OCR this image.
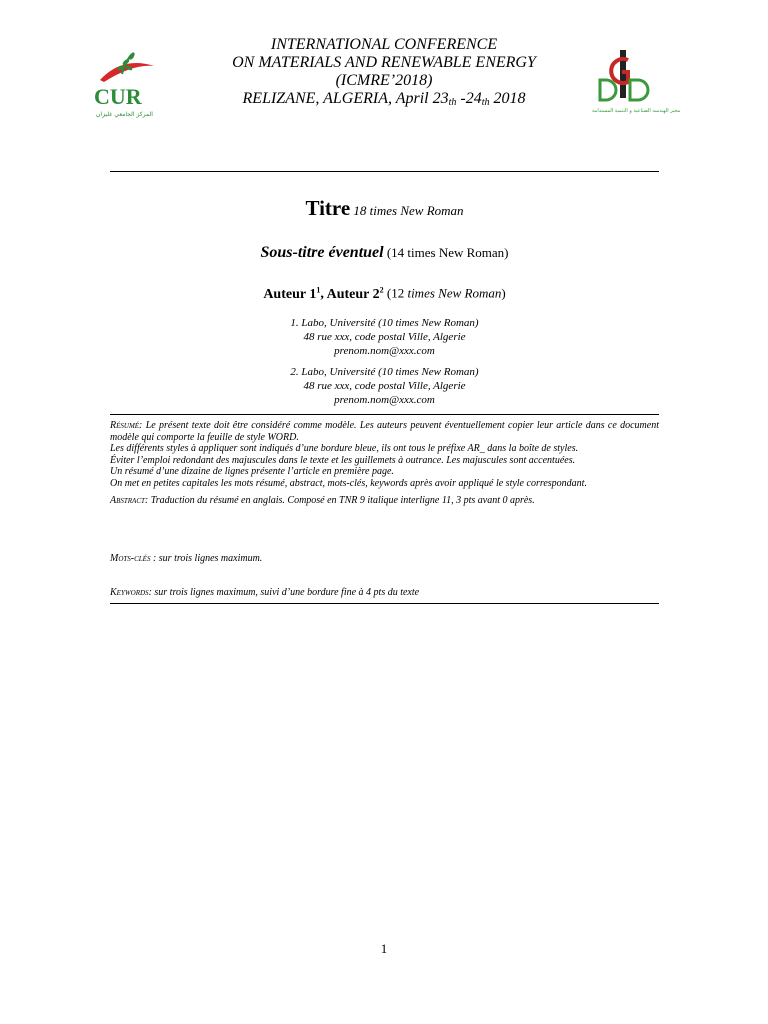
INTERNATIONAL CONFERENCE
ON MATERIALS AND RENEWABLE ENERGY
(ICMRE’2018)
RELIZANE, ALGERIA, April $23_{th}$ $-24_{th}$ 2018
CUR
المركز الجامعي غليزان	مخبر الهندسة الصناعية و التنمية المستدامة
Titre 18 times New Roman
Sous-titre éventuel (14 times New Roman)
Auteur $1^1$, Auteur $2^2$ (12 times New Roman)
1. Labo, Université (10 times New Roman)
48 rue xxx, code postal Ville, Algerie
prenom.nom@xxx.com
2. Labo, Université (10 times New Roman)
48 rue xxx, code postal Ville, Algerie
prenom.nom@xxx.com

Résumé: Le présent texte doit être considéré comme modèle. Les auteurs peuvent éventuellement copier leur article dans ce document modèle qui comporte la feuille de style WORD.

Les différents styles à appliquer sont indiqués d’une bordure bleue, ils ont tous le préfixe AR_ dans la boîte de styles.

Éviter l’emploi redondant des majuscules dans le texte et les guillemets à outrance. Les majuscules sont accentuées.

Un résumé d’une dizaine de lignes présente l’article en première page.

On met en petites capitales les mots résumé, abstract, mots-clés, keywords après avoir appliqué le style correspondant.

Abstract: Traduction du résumé en anglais. Composé en TNR 9 italique interligne 11, 3 pts avant 0 après.

Mots-clés : sur trois lignes maximum.
Keywords: sur trois lignes maximum, suivi d’une bordure fine à 4 pts du texte
1
